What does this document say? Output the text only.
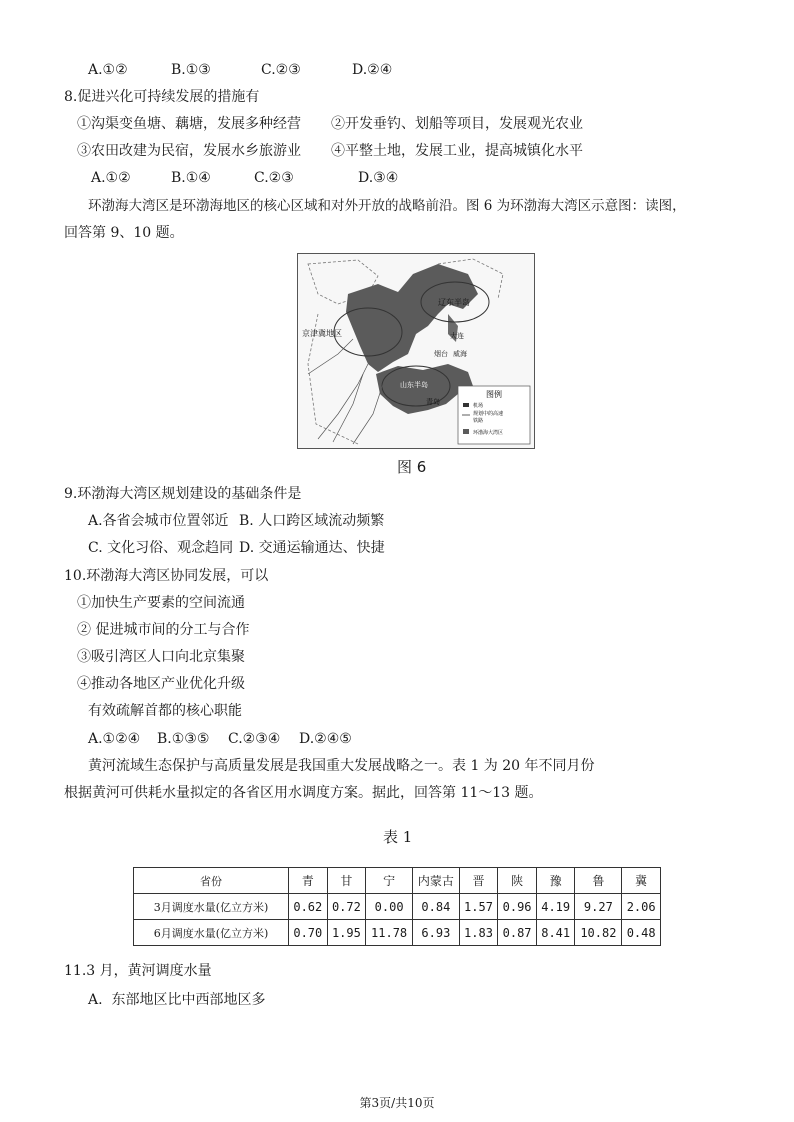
A.①②	B.①③	C.②③	D.②④
8.促进兴化可持续发展的措施有
①沟渠变鱼塘、藕塘，发展多种经营 ②开发垂钓、划船等项目，发展观光农业
③农田改建为民宿，发展水乡旅游业 ④平整土地，发展工业，提高城镇化水平
A.①②	B.①④	C.②③	D.③④
环渤海大湾区是环渤海地区的核心区域和对外开放的战略前沿。图 6 为环渤海大湾区示意图：读图，
回答第 9、10 题。
图例
机场
规划中的高速
铁路
环渤海大湾区
辽东半岛
京津冀地区	大连
烟台 威海
山东半岛
青岛
图 6
9.环渤海大湾区规划建设的基础条件是
A.各省会城市位置邻近 B. 人口跨区域流动频繁
C. 文化习俗、观念趋同 D. 交通运输通达、快捷
10.环渤海大湾区协同发展，可以
①加快生产要素的空间流通
② 促进城市间的分工与合作
③吸引湾区人口向北京集聚
④推动各地区产业优化升级
有效疏解首都的核心职能
A.①②④ B.①③⑤ C.②③④ D.②④⑤
黄河流域生态保护与高质量发展是我国重大发展战略之一。表 1 为 20 年不同月份
根据黄河可供耗水量拟定的各省区用水调度方案。据此，回答第 11～13 题。
表 1
省份	青	甘	宁	内蒙古	晋	陕	豫	鲁	冀
3月调度水量(亿立方米)	0.62	0.72	0.00	0.84	1.57	0.96	4.19	9.27	2.06
6月调度水量(亿立方米)	0.70	1.95	11.78	6.93	1.83	0.87	8.41	10.82	0.48
11.3 月，黄河调度水量
A.  东部地区比中西部地区多
第3页/共10页
